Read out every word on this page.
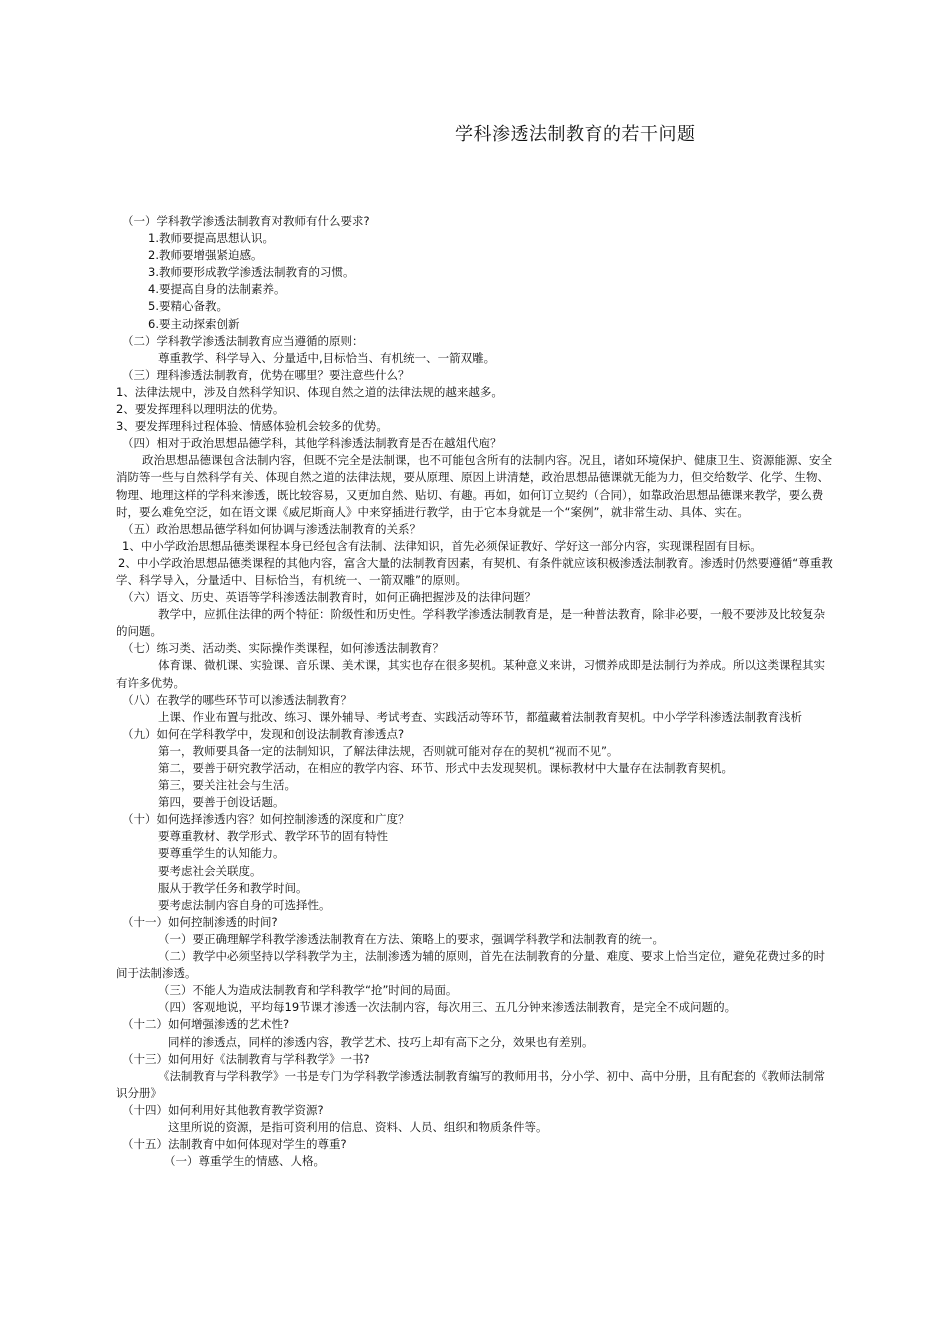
学科渗透法制教育的若干问题

（一）学科教学渗透法制教育对教师有什么要求?

1.教师要提高思想认识。

2.教师要增强紧迫感。

3.教师要形成教学渗透法制教育的习惯。

4.要提高自身的法制素养。

5.要精心备教。

6.要主动探索创新

（二）学科教学渗透法制教育应当遵循的原则：

尊重教学、科学导入、分量适中,目标恰当、有机统一、一箭双雕。

（三）理科渗透法制教育，优势在哪里？要注意些什么？

1、法律法规中，涉及自然科学知识、体现自然之道的法律法规的越来越多。

2、要发挥理科以理明法的优势。

3、要发挥理科过程体验、情感体验机会较多的优势。

（四）相对于政治思想品德学科，其他学科渗透法制教育是否在越俎代庖？

政治思想品德课包含法制内容，但既不完全是法制课，也不可能包含所有的法制内容。况且，诸如环境保护、健康卫生、资源能源、安全消防等一些与自然科学有关、体现自然之道的法律法规，要从原理、原因上讲清楚，政治思想品德课就无能为力，但交给数学、化学、生物、物理、地理这样的学科来渗透，既比较容易，又更加自然、贴切、有趣。再如，如何订立契约（合同），如靠政治思想品德课来教学，要么费时，要么难免空泛，如在语文课《威尼斯商人》中来穿插进行教学，由于它本身就是一个“案例”，就非常生动、具体、实在。

（五）政治思想品德学科如何协调与渗透法制教育的关系？

1、中小学政治思想品德类课程本身已经包含有法制、法律知识，首先必须保证教好、学好这一部分内容，实现课程固有目标。

2、中小学政治思想品德类课程的其他内容，富含大量的法制教育因素，有契机、有条件就应该积极渗透法制教育。渗透时仍然要遵循“尊重教学、科学导入，分量适中、目标恰当，有机统一、一箭双雕”的原则。

（六）语文、历史、英语等学科渗透法制教育时，如何正确把握涉及的法律问题？

教学中，应抓住法律的两个特征：阶级性和历史性。学科教学渗透法制教育是，是一种普法教育，除非必要，一般不要涉及比较复杂的问题。

（七）练习类、活动类、实际操作类课程，如何渗透法制教育？

体育课、微机课、实验课、音乐课、美术课，其实也存在很多契机。某种意义来讲，习惯养成即是法制行为养成。所以这类课程其实有许多优势。

（八）在教学的哪些环节可以渗透法制教育？

上课、作业布置与批改、练习、课外辅导、考试考查、实践活动等环节，都蕴藏着法制教育契机。中小学学科渗透法制教育浅析

（九）如何在学科教学中，发现和创设法制教育渗透点?

第一，教师要具备一定的法制知识，了解法律法规，否则就可能对存在的契机“视而不见”。

第二，要善于研究教学活动，在相应的教学内容、环节、形式中去发现契机。课标教材中大量存在法制教育契机。

第三，要关注社会与生活。

第四，要善于创设话题。

（十）如何选择渗透内容？如何控制渗透的深度和广度？

要尊重教材、教学形式、教学环节的固有特性

要尊重学生的认知能力。

要考虑社会关联度。

服从于教学任务和教学时间。

要考虑法制内容自身的可选择性。

（十一）如何控制渗透的时间?

（一）要正确理解学科教学渗透法制教育在方法、策略上的要求，强调学科教学和法制教育的统一。

（二）教学中必须坚持以学科教学为主，法制渗透为辅的原则，首先在法制教育的分量、难度、要求上恰当定位，避免花费过多的时间于法制渗透。

（三）不能人为造成法制教育和学科教学“抢”时间的局面。

（四）客观地说，平均每19节课才渗透一次法制内容，每次用三、五几分钟来渗透法制教育，是完全不成问题的。

（十二）如何增强渗透的艺术性?

同样的渗透点，同样的渗透内容，教学艺术、技巧上却有高下之分，效果也有差别。

（十三）如何用好《法制教育与学科教学》一书?

《法制教育与学科教学》一书是专门为学科教学渗透法制教育编写的教师用书，分小学、初中、高中分册，且有配套的《教师法制常识分册》

（十四）如何利用好其他教育教学资源?

这里所说的资源，是指可资利用的信息、资料、人员、组织和物质条件等。

（十五）法制教育中如何体现对学生的尊重?

（一）尊重学生的情感、人格。
